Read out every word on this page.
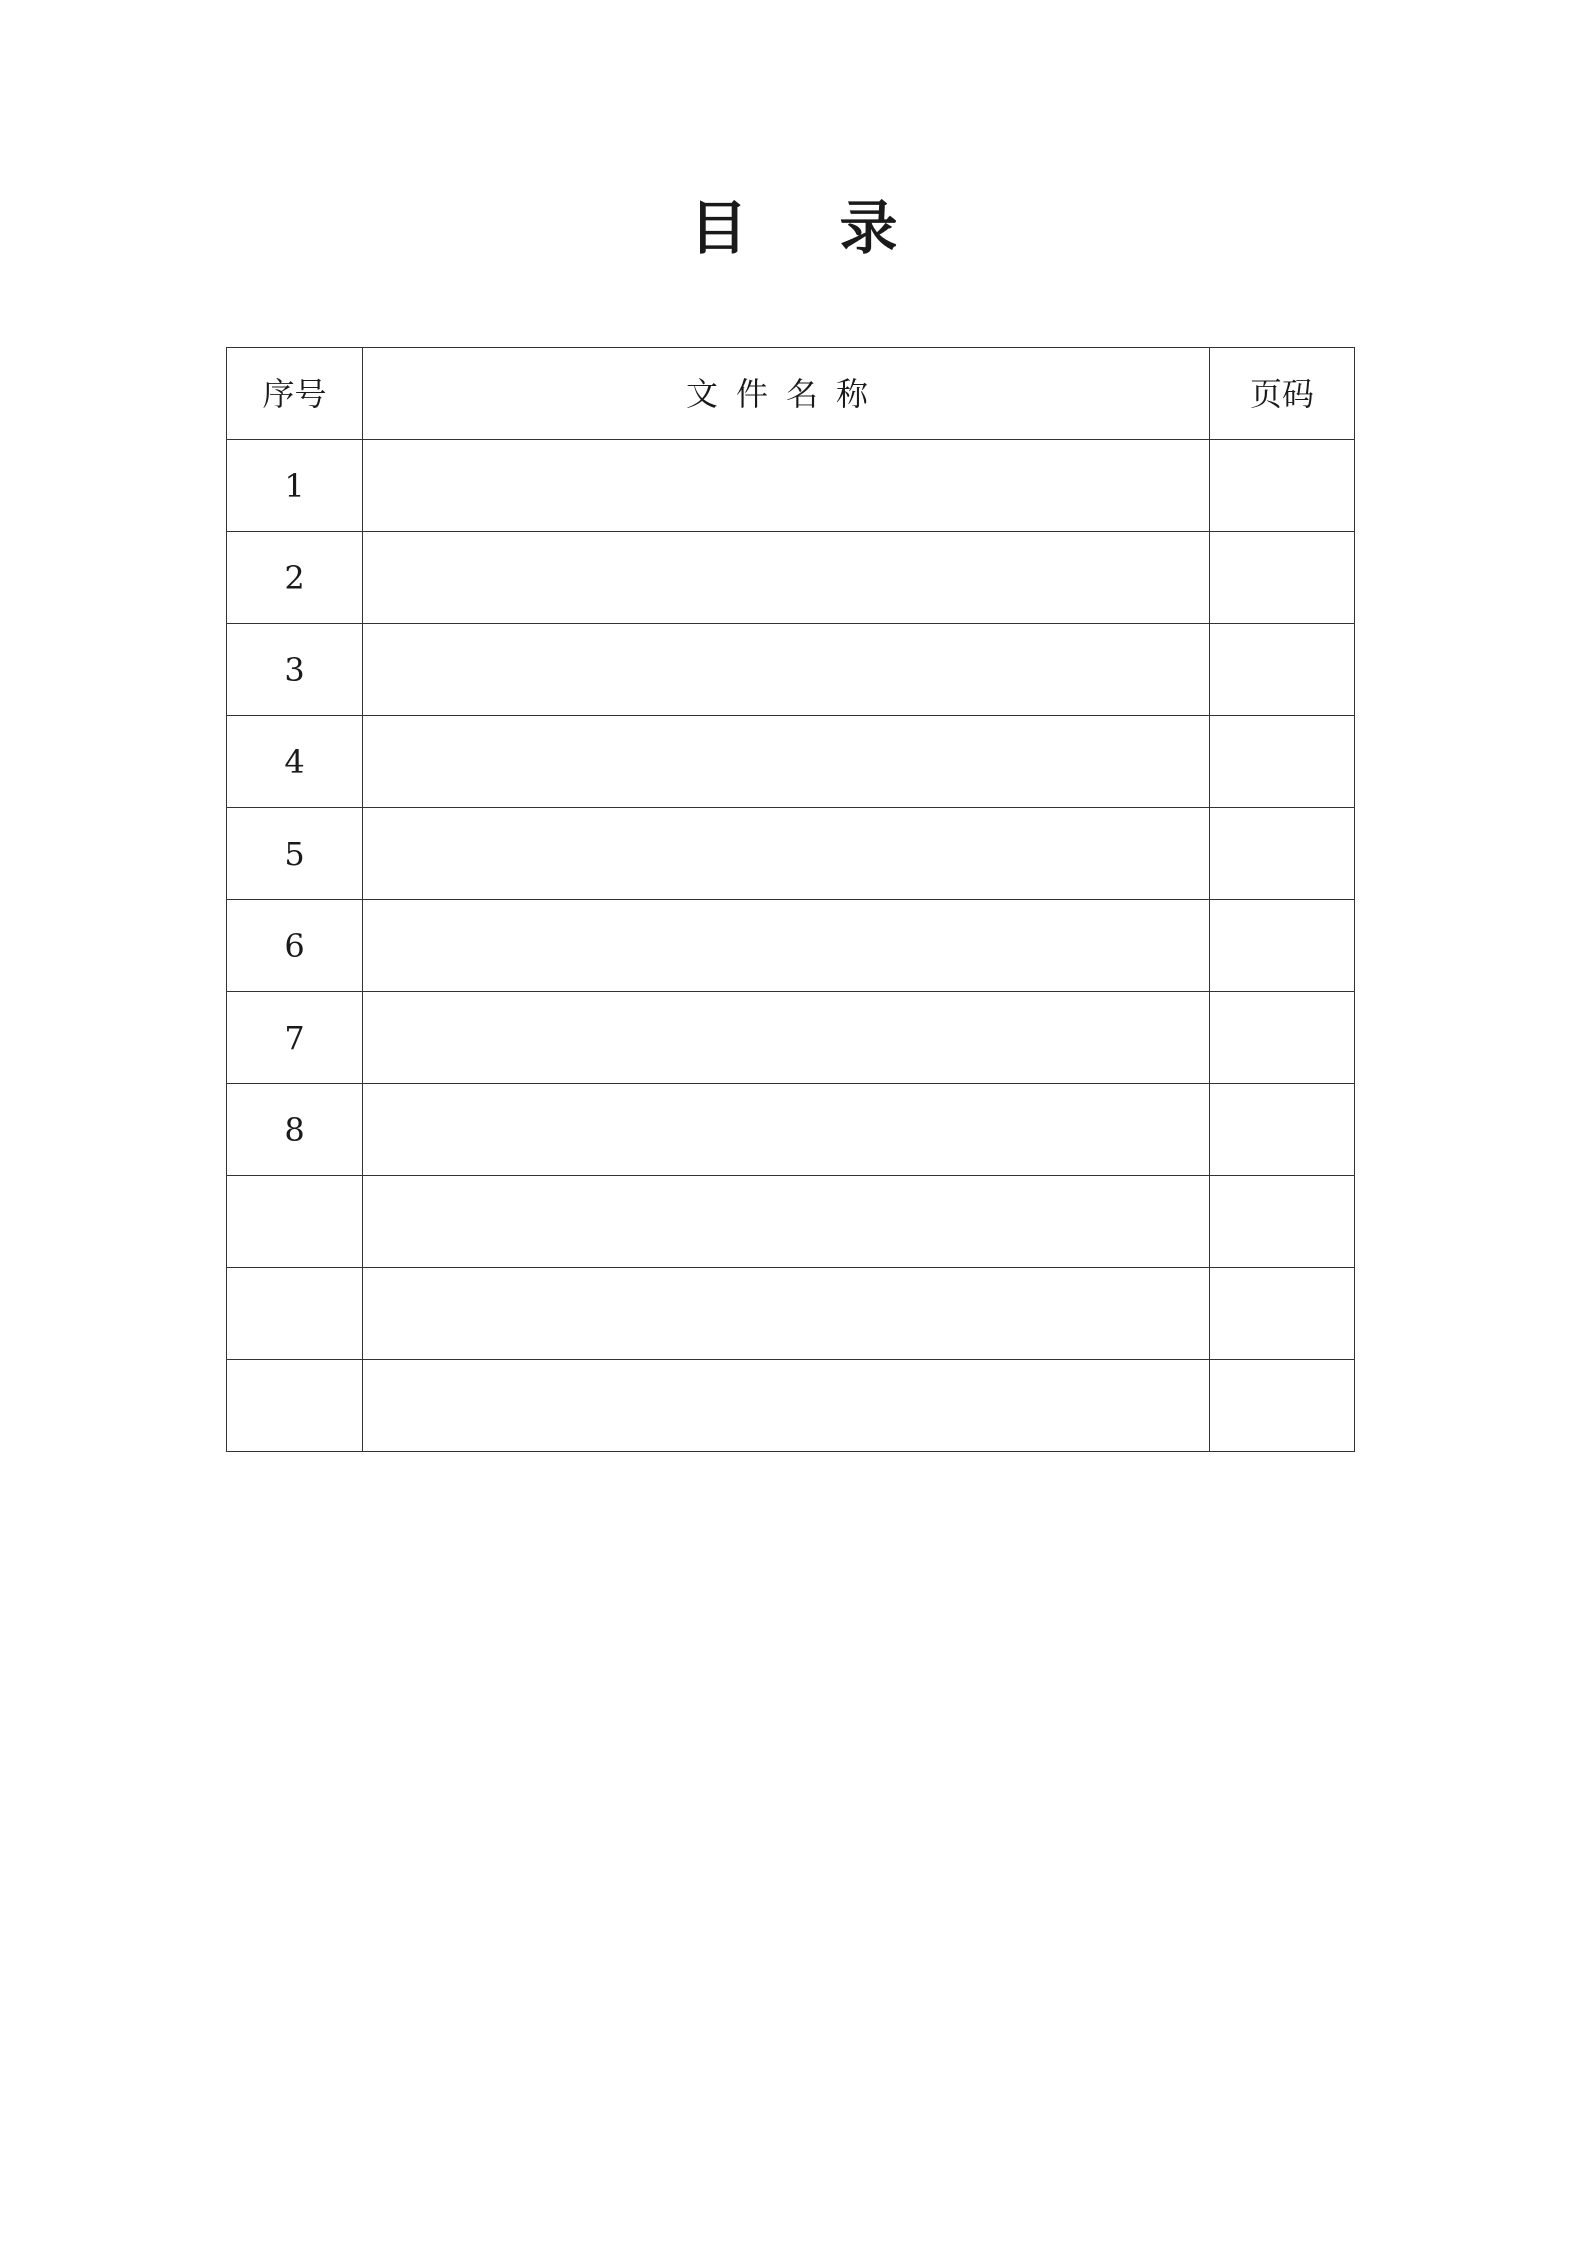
目 录
序号	文件名称	页码
1		
2		
3		
4		
5		
6		
7		
8		
